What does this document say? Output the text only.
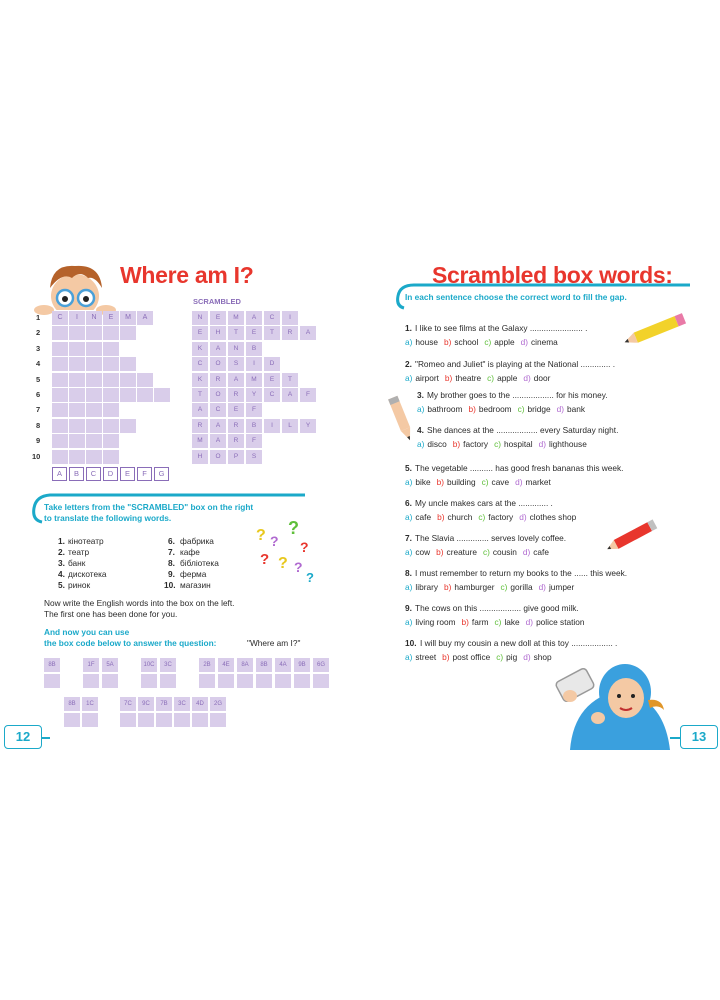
Where am I?
SCRAMBLED
1	C	I	N	E	M	A
2
3
4
5
6
7
8
9
10
N	E	M	A	C	I
E	H	T	E	T	R	A
K	A	N	B
C	O	S	I	D
K	R	A	M	E	T
T	O	R	Y	C	A	F
A	C	E	F
R	A	R	B	I	L	Y
M	A	R	F
H	O	P	S
A	B	C	D	E	F	G
Take letters from the "SCRAMBLED" box on the right
to translate the following words.
1. кінотеатр
2. театр
3. банк
4. дискотека
5. ринок
6. фабрика
7. кафе
8. бібліотека
9. ферма
10. магазин
? ?
?
?
? ? ?
?
Now write the English words into the box on the left.
The first one has been done for you.
And now you can use
the box code below to answer the question:	"Where am I?"
8B	1F	5A	10C	3C	2B	4E	8A	8B	4A	9B	6G
8B	1C	7C	9C	7B	3C	4D	2G
12
Scrambled box words:
In each sentence choose the correct word to fill the gap.
1. I like to see films at the Galaxy ....................... .
a) house b) school c) apple d) cinema
2. "Romeo and Juliet" is playing at the National ............. .
a) airport b) theatre c) apple d) door
3. My brother goes to the .................. for his money.
a) bathroom b) bedroom c) bridge d) bank
4. She dances at the .................. every Saturday night.
a) disco b) factory c) hospital d) lighthouse
5. The vegetable .......... has good fresh bananas this week.
a) bike b) building c) cave d) market
6. My uncle makes cars at the ............. .
a) cafe b) church c) factory d) clothes shop
7. The Slavia .............. serves lovely coffee.
a) cow b) creature c) cousin d) cafe
8. I must remember to return my books to the ...... this week.
a) library b) hamburger c) gorilla d) jumper
9. The cows on this .................. give good milk.
a) living room b) farm c) lake d) police station
10. I will buy my cousin a new doll at this toy .................. .
a) street b) post office c) pig d) shop
13
